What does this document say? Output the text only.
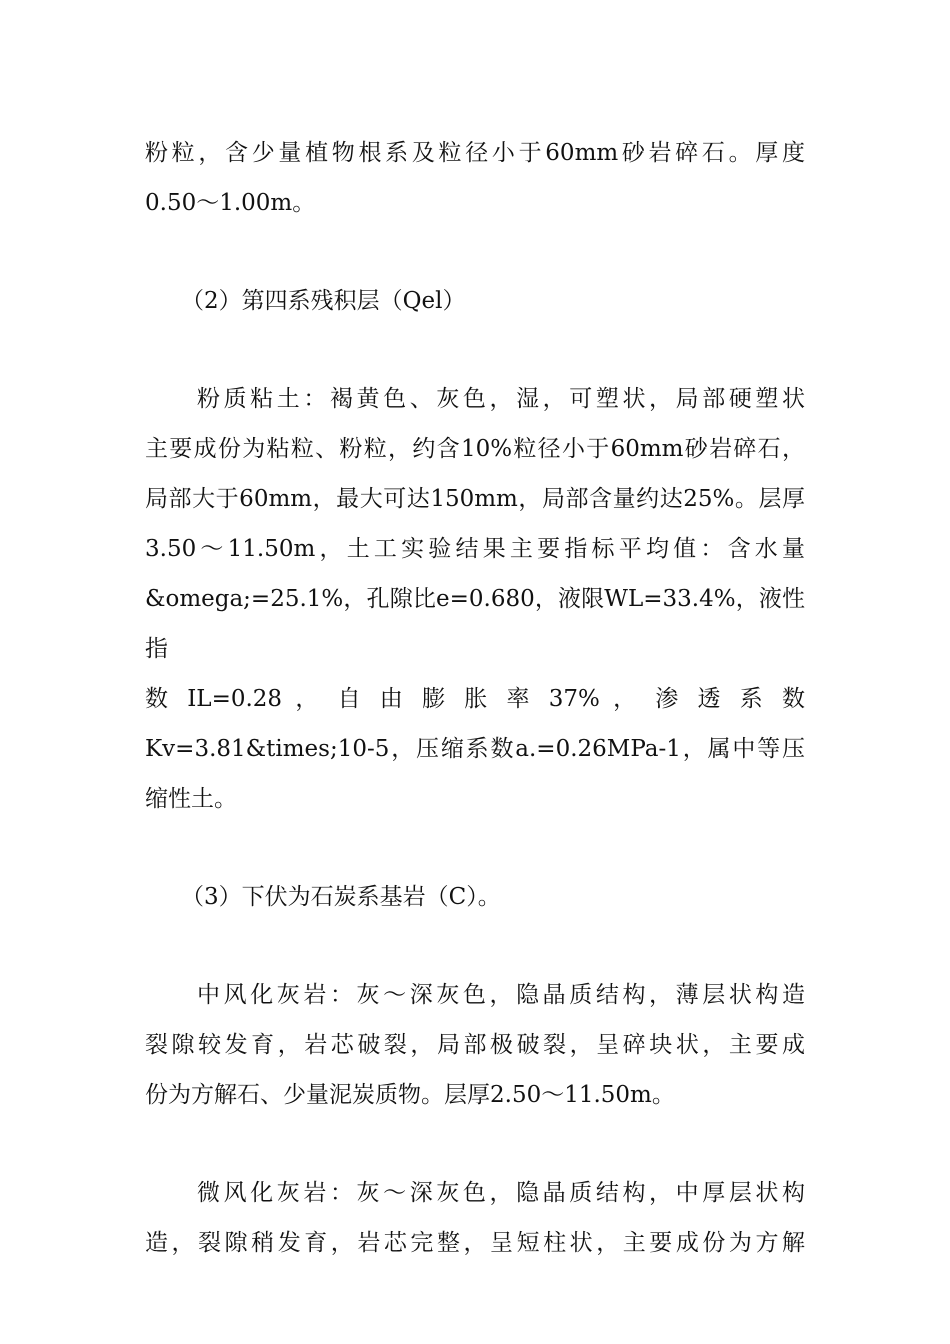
粉粒，含少量植物根系及粒径小于60mm砂岩碎石。厚度
0.50～1.00m。

（2）第四系残积层（Qel）

粉质粘土：褐黄色、灰色，湿，可塑状，局部硬塑状
主要成份为粘粒、粉粒，约含10%粒径小于60mm砂岩碎石，
局部大于60mm，最大可达150mm，局部含量约达25%。层厚
3.50～11.50m，土工实验结果主要指标平均值：含水量
&omega;=25.1%，孔隙比e=0.680，液限WL=33.4%，液性指
数 IL=0.28 ， 自 由 膨 胀 率 37% ， 渗 透 系 数
Kv=3.81&times;10-5，压缩系数a.=0.26MPa-1，属中等压
缩性土。

（3）下伏为石炭系基岩（C）。

中风化灰岩：灰～深灰色，隐晶质结构，薄层状构造
裂隙较发育，岩芯破裂，局部极破裂，呈碎块状，主要成
份为方解石、少量泥炭质物。层厚2.50～11.50m。

微风化灰岩：灰～深灰色，隐晶质结构，中厚层状构
造，裂隙稍发育，岩芯完整，呈短柱状，主要成份为方解
